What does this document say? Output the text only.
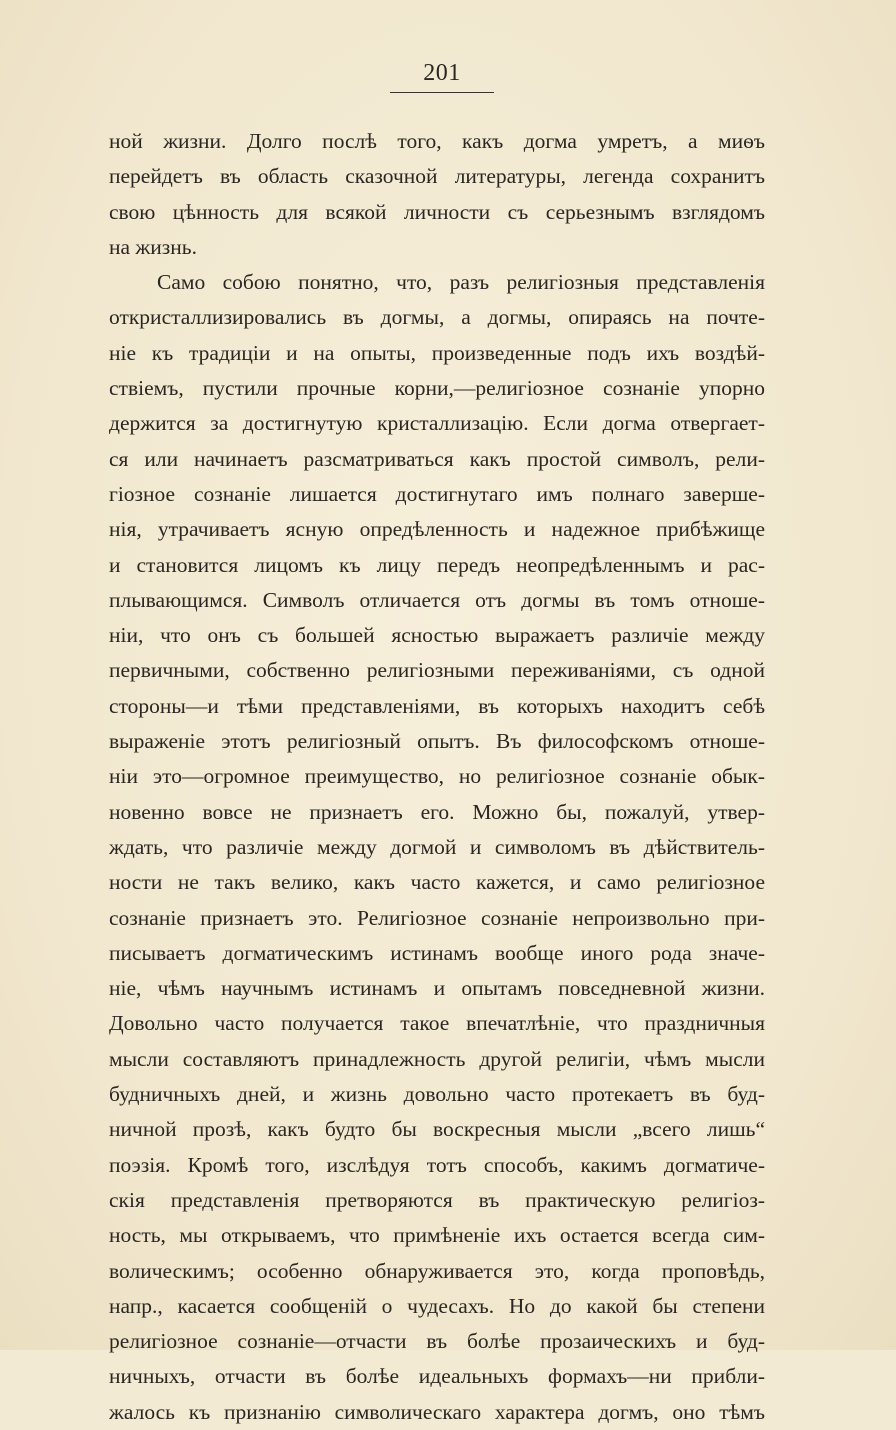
201
ной жизни. Долго послѣ того, какъ догма умретъ, а миѳъ
перейдетъ въ область сказочной литературы, легенда сохранитъ
свою цѣнность для всякой личности съ серьезнымъ взглядомъ
на жизнь.
Само собою понятно, что, разъ религiозныя представленiя
откристаллизировались въ догмы, а догмы, опираясь на почте-
нiе къ традицiи и на опыты, произведенные подъ ихъ воздѣй-
ствiемъ, пустили прочные корни,—религiозное сознанiе упорно
держится за достигнутую кристаллизацiю. Если догма отвергает-
ся или начинаетъ разсматриваться какъ простой символъ, рели-
гiозное сознанiе лишается достигнутаго имъ полнаго заверше-
нiя, утрачиваетъ ясную опредѣленность и надежное прибѣжище
и становится лицомъ къ лицу передъ неопредѣленнымъ и рас-
плывающимся. Символъ отличается отъ догмы въ томъ отноше-
нiи, что онъ съ большей ясностью выражаетъ различiе между
первичными, собственно религiозными переживанiями, съ одной
стороны—и тѣми представленiями, въ которыхъ находитъ себѣ
выраженiе этотъ религiозный опытъ. Въ философскомъ отноше-
нiи это—огромное преимущество, но религiозное сознанiе обык-
новенно вовсе не признаетъ его. Можно бы, пожалуй, утвер-
ждать, что различiе между догмой и символомъ въ дѣйствитель-
ности не такъ велико, какъ часто кажется, и само религiозное
сознанiе признаетъ это. Религiозное сознанiе непроизвольно при-
писываетъ догматическимъ истинамъ вообще иного рода значе-
нiе, чѣмъ научнымъ истинамъ и опытамъ повседневной жизни.
Довольно часто получается такое впечатлѣнiе, что праздничныя
мысли составляютъ принадлежность другой религiи, чѣмъ мысли
будничныхъ дней, и жизнь довольно часто протекаетъ въ буд-
ничной прозѣ, какъ будто бы воскресныя мысли „всего лишь“
поэзiя. Кромѣ того, изслѣдуя тотъ способъ, какимъ догматиче-
скiя представленiя претворяются въ практическую религiоз-
ность, мы открываемъ, что примѣненiе ихъ остается всегда сим-
волическимъ; особенно обнаруживается это, когда проповѣдь,
напр., касается сообщенiй о чудесахъ. Но до какой бы степени
религiозное сознанiе—отчасти въ болѣе прозаическихъ и буд-
ничныхъ, отчасти въ болѣе идеальныхъ формахъ—ни прибли-
жалось къ признанiю символическаго характера догмъ, оно тѣмъ
